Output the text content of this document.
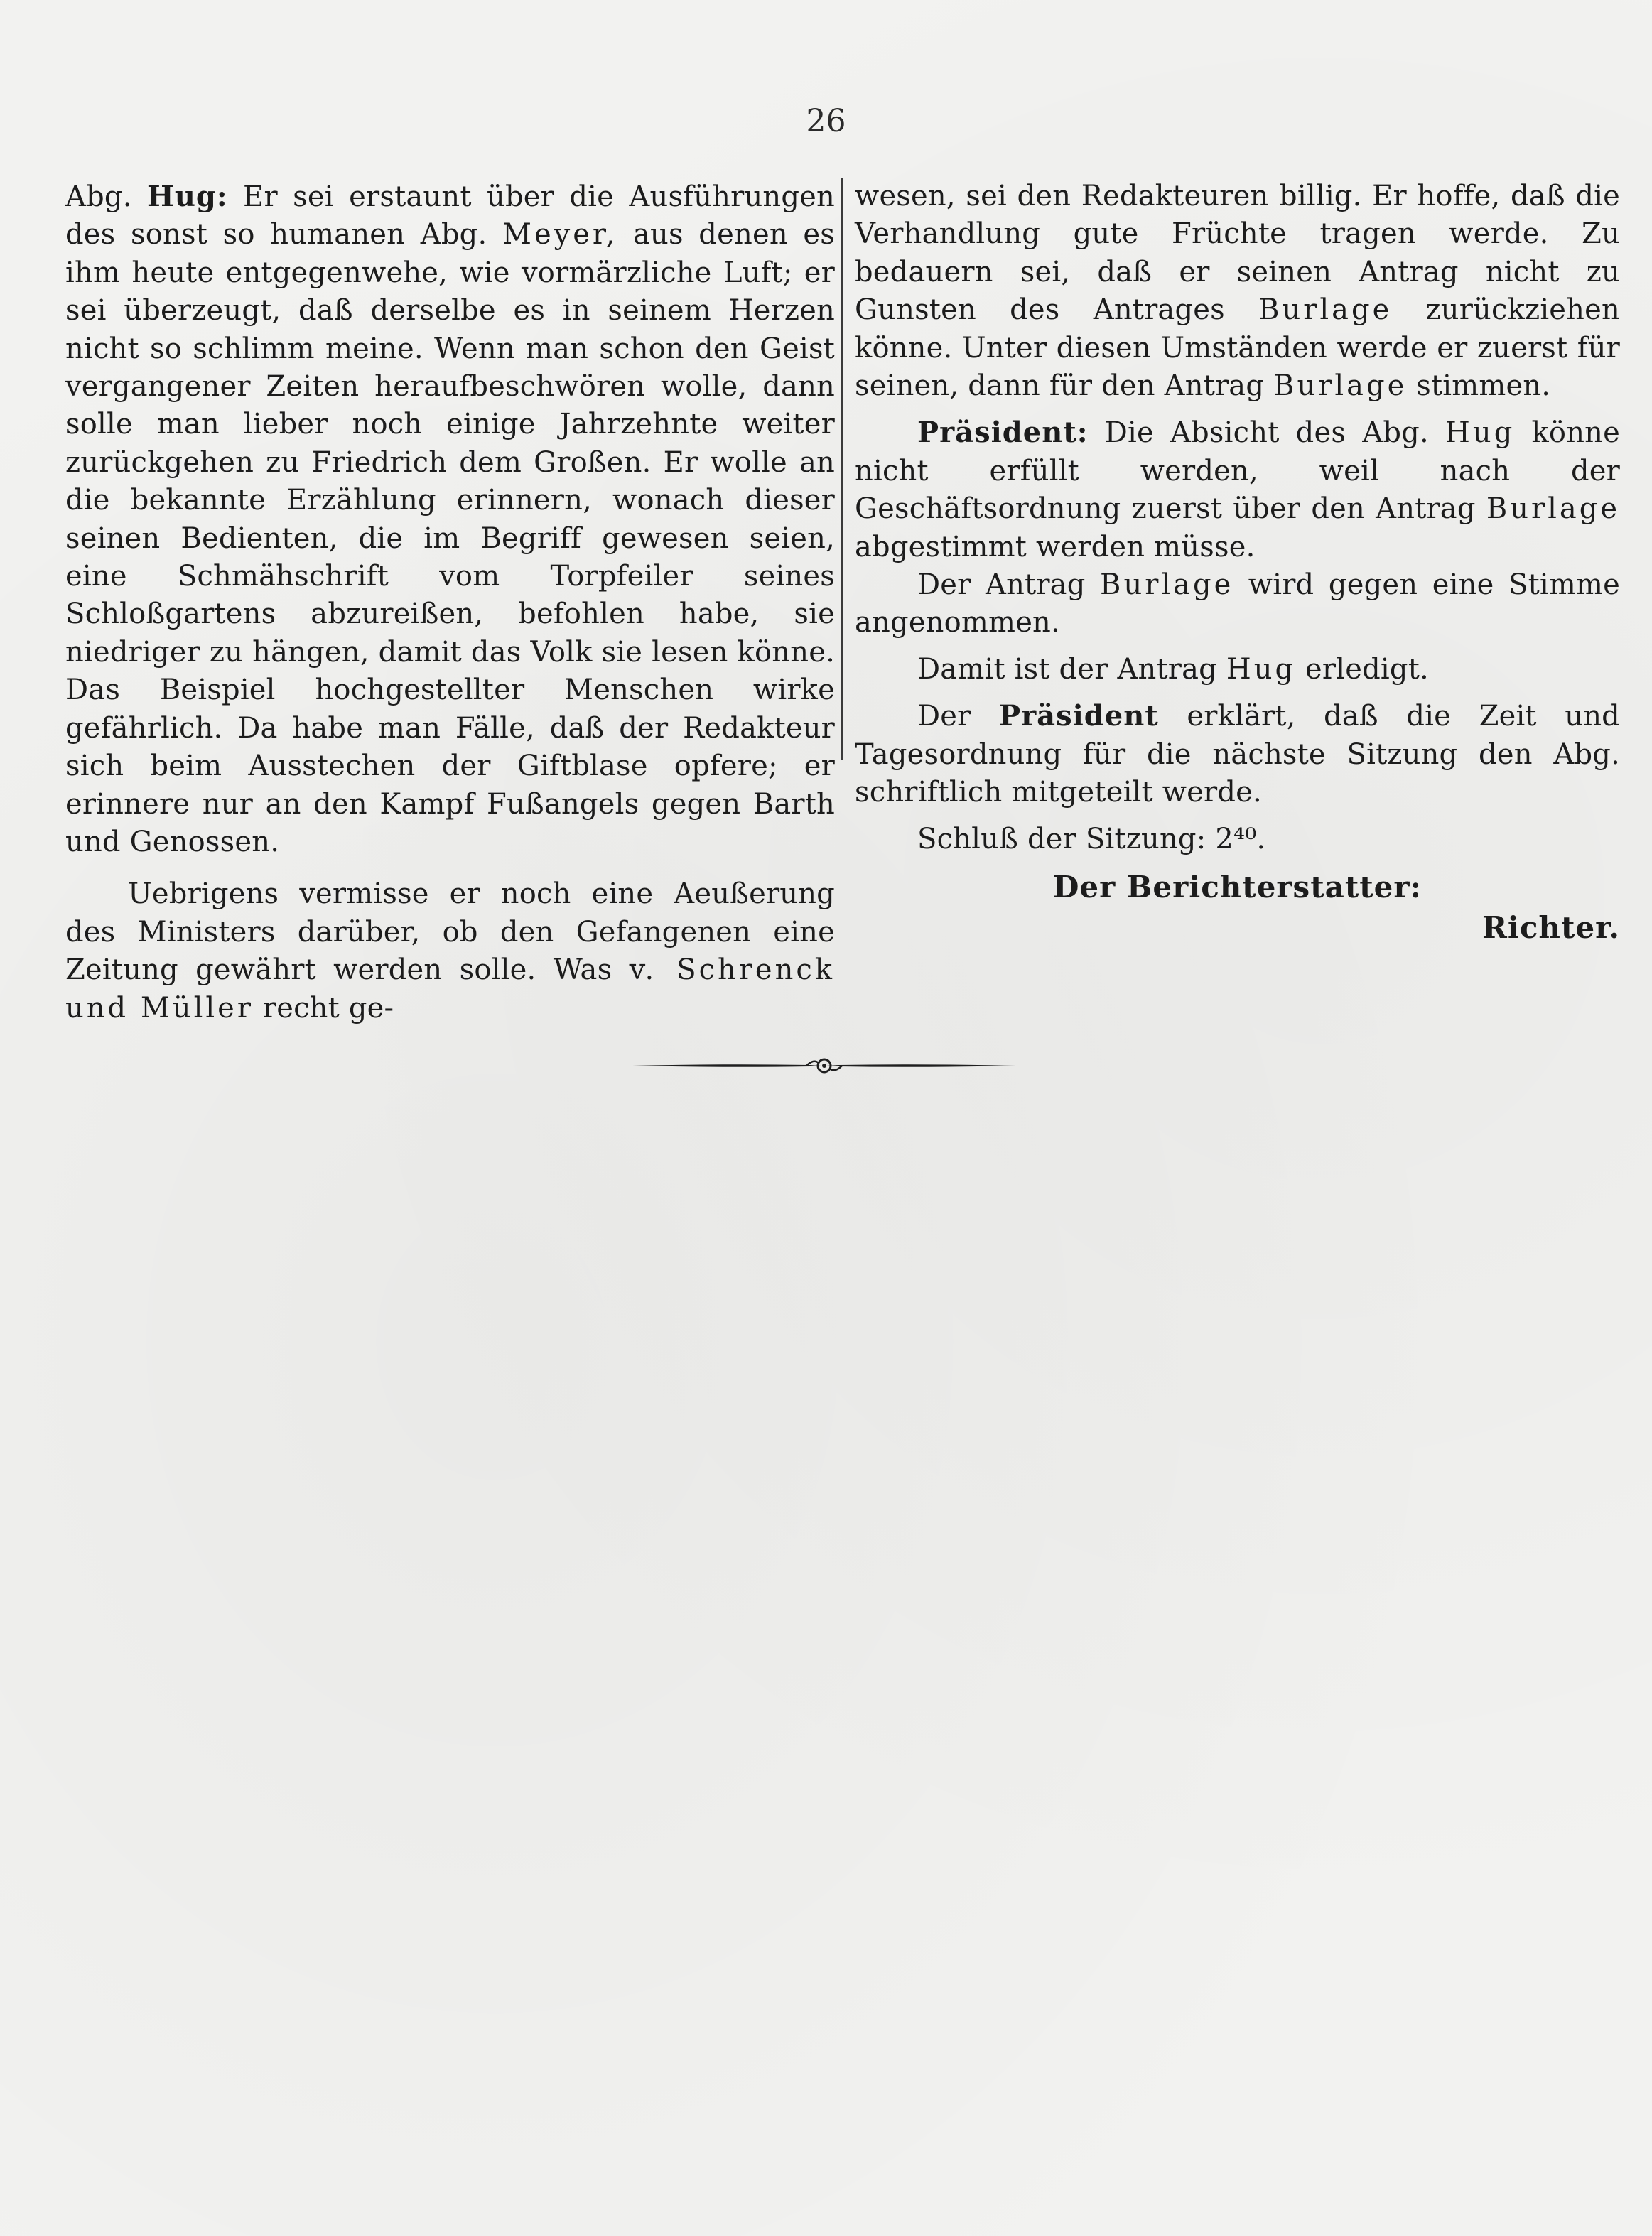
26

Abg. Hug: Er sei erstaunt über die Ausführungen des sonst so humanen Abg. Meyer, aus denen es ihm heute entgegenwehe, wie vormärzliche Luft; er sei überzeugt, daß derselbe es in seinem Herzen nicht so schlimm meine. Wenn man schon den Geist vergangener Zeiten heraufbeschwören wolle, dann solle man lieber noch einige Jahrzehnte weiter zurückgehen zu Friedrich dem Großen. Er wolle an die bekannte Erzählung erinnern, wonach dieser seinen Bedienten, die im Begriff gewesen seien, eine Schmähschrift vom Torpfeiler seines Schloßgartens abzureißen, befohlen habe, sie niedriger zu hängen, damit das Volk sie lesen könne. Das Beispiel hochgestellter Menschen wirke gefährlich. Da habe man Fälle, daß der Redakteur sich beim Ausstechen der Giftblase opfere; er erinnere nur an den Kampf Fußangels gegen Barth und Genossen.

Uebrigens vermisse er noch eine Aeußerung des Ministers darüber, ob den Gefangenen eine Zeitung gewährt werden solle. Was v. Schrenck und Müller recht ge-

wesen, sei den Redakteuren billig. Er hoffe, daß die Verhandlung gute Früchte tragen werde. Zu bedauern sei, daß er seinen Antrag nicht zu Gunsten des Antrages Burlage zurückziehen könne. Unter diesen Umständen werde er zuerst für seinen, dann für den Antrag Burlage stimmen.

Präsident: Die Absicht des Abg. Hug könne nicht erfüllt werden, weil nach der Geschäftsordnung zuerst über den Antrag Burlage abgestimmt werden müsse.

Der Antrag Burlage wird gegen eine Stimme angenommen.

Damit ist der Antrag Hug erledigt.

Der Präsident erklärt, daß die Zeit und Tagesordnung für die nächste Sitzung den Abg. schriftlich mitgeteilt werde.

Schluß der Sitzung: 2⁴⁰.

Der Berichterstatter:

Richter.
